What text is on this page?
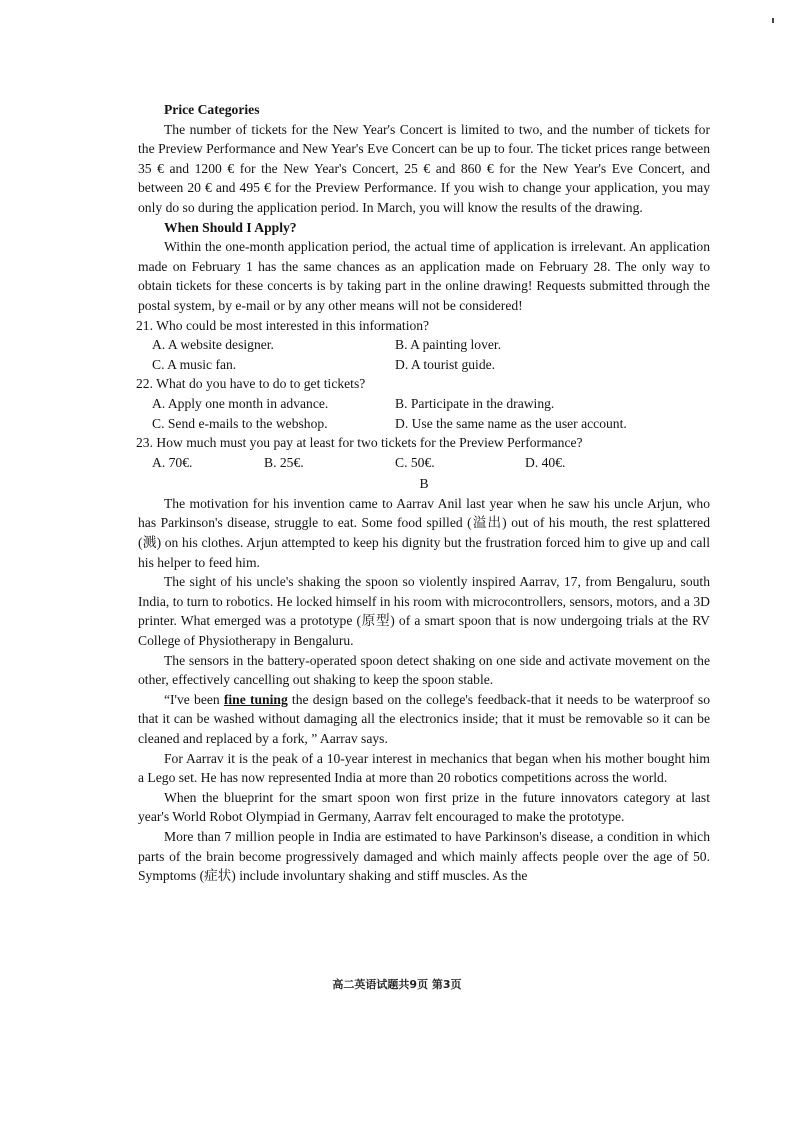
Price Categories

The number of tickets for the New Year's Concert is limited to two, and the number of tickets for the Preview Performance and New Year's Eve Concert can be up to four. The ticket prices range between 35 € and 1200 € for the New Year's Concert, 25 € and 860 € for the New Year's Eve Concert, and between 20 € and 495 € for the Preview Performance. If you wish to change your application, you may only do so during the application period. In March, you will know the results of the drawing.

When Should I Apply?

Within the one-month application period, the actual time of application is irrelevant. An application made on February 1 has the same chances as an application made on February 28. The only way to obtain tickets for these concerts is by taking part in the online drawing! Requests submitted through the postal system, by e-mail or by any other means will not be considered!

21. Who could be most interested in this information?
A. A website designer.	B. A painting lover.
C. A music fan.	D. A tourist guide.
22. What do you have to do to get tickets?
A. Apply one month in advance.	B. Participate in the drawing.
C. Send e-mails to the webshop.	D. Use the same name as the user account.
23. How much must you pay at least for two tickets for the Preview Performance?
A. 70€.	B. 25€.	C. 50€.	D. 40€.
B

The motivation for his invention came to Aarrav Anil last year when he saw his uncle Arjun, who has Parkinson's disease, struggle to eat. Some food spilled (溢出) out of his mouth, the rest splattered (溅) on his clothes. Arjun attempted to keep his dignity but the frustration forced him to give up and call his helper to feed him.

The sight of his uncle's shaking the spoon so violently inspired Aarrav, 17, from Bengaluru, south India, to turn to robotics. He locked himself in his room with microcontrollers, sensors, motors, and a 3D printer. What emerged was a prototype (原型) of a smart spoon that is now undergoing trials at the RV College of Physiotherapy in Bengaluru.

The sensors in the battery-operated spoon detect shaking on one side and activate movement on the other, effectively cancelling out shaking to keep the spoon stable.

“I've been fine tuning the design based on the college's feedback-that it needs to be waterproof so that it can be washed without damaging all the electronics inside; that it must be removable so it can be cleaned and replaced by a fork, ” Aarrav says.

For Aarrav it is the peak of a 10-year interest in mechanics that began when his mother bought him a Lego set. He has now represented India at more than 20 robotics competitions across the world.

When the blueprint for the smart spoon won first prize in the future innovators category at last year's World Robot Olympiad in Germany, Aarrav felt encouraged to make the prototype.

More than 7 million people in India are estimated to have Parkinson's disease, a condition in which parts of the brain become progressively damaged and which mainly affects people over the age of 50. Symptoms (症状) include involuntary shaking and stiff muscles. As the

高二英语试题共9页 第3页
